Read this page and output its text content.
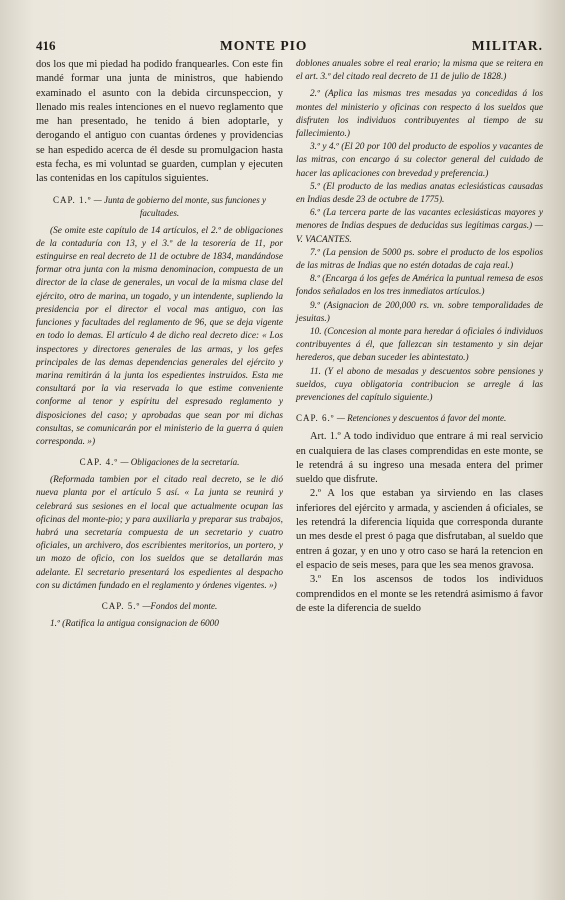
416	MONTE PIO	MILITAR.

dos los que mi piedad ha podido franquearles. Con este fin mandé formar una junta de ministros, que habiendo examinado el asunto con la debida circunspeccion, y llenado mis reales intenciones en el nuevo reglamento que me han presentado, he tenido á bien adoptarle, y derogando el antiguo con cuantas órdenes y providencias se han espedido acerca de él desde su promulgacion hasta esta fecha, es mi voluntad se guarden, cumplan y ejecuten las contenidas en los capítulos siguientes.

CAP. 1.º — Junta de gobierno del monte, sus funciones y facultades.

(Se omite este capítulo de 14 artículos, el 2.º de obligaciones de la contaduría con 13, y el 3.º de la tesorería de 11, por estinguirse en real decreto de 11 de octubre de 1834, mandándose formar otra junta con la misma denominacion, compuesta de un director de la clase de generales, un vocal de la misma clase del ejército, otro de marina, un togado, y un intendente, supliendo la presidencia por el director el vocal mas antiguo, con las funciones y facultades del reglamento de 96, que se deja vigente en todo lo demas. El artículo 4 de dicho real decreto dice: « Los inspectores y directores generales de las armas, y los gefes principales de las demas dependencias generales del ejército y marina remitirán á la junta los espedientes instruidos. Esta me consultará por la via reservada lo que estime conveniente conforme al tenor y espíritu del espresado reglamento y disposiciones del caso; y aprobadas que sean por mi dichas consultas, se comunicarán por el ministerio de la guerra á quien corresponda. »)

CAP. 4.º — Obligaciones de la secretaría.

(Reformada tambien por el citado real decreto, se le dió nueva planta por el artículo 5 así. « La junta se reunirá y celebrará sus sesiones en el local que actualmente ocupan las oficinas del monte-pio; y para auxiliarla y preparar sus trabajos, habrá una secretaría compuesta de un secretario y cuatro oficiales, un archivero, dos escribientes meritorios, un portero, y un mozo de oficio, con los sueldos que se detallarán mas adelante. El secretario presentará los espedientes al despacho con su dictámen fundado en el reglamento y órdenes vigentes. »)

CAP. 5.º —Fondos del monte.

1.º (Ratifica la antigua consignacion de 6000

doblones anuales sobre el real erario; la misma que se reitera en el art. 3.º del citado real decreto de 11 de julio de 1828.)

2.º (Aplica las mismas tres mesadas ya concedidas á los montes del ministerio y oficinas con respecto á los sueldos que disfruten los individuos contribuyentes al tiempo de su fallecimiento.)

3.º y 4.º (El 20 por 100 del producto de espolios y vacantes de las mitras, con encargo á su colector general del cuidado de hacer las aplicaciones con brevedad y preferencia.)

5.º (El producto de las medias anatas eclesiásticas causadas en Indias desde 23 de octubre de 1775).

6.º (La tercera parte de las vacantes eclesiásticas mayores y menores de Indias despues de deducidas sus legítimas cargas.) — V. VACANTES.

7.º (La pension de 5000 ps. sobre el producto de los espolios de las mitras de Indias que no estén dotadas de caja real.)

8.º (Encarga á los gefes de América la puntual remesa de esos fondos señalados en los tres inmediatos artículos.)

9.º (Asignacion de 200,000 rs. vn. sobre temporalidades de jesuitas.)

10. (Concesion al monte para heredar á oficiales ó individuos contribuyentes á él, que fallezcan sin testamento y sin dejar herederos, que deban suceder les abintestato.)

11. (Y el abono de mesadas y descuentos sobre pensiones y sueldos, cuya obligatoria contribucion se arregle á las prevenciones del capítulo siguiente.)

CAP. 6.º — Retenciones y descuentos á favor del monte.

Art. 1.º A todo individuo que entrare á mi real servicio en cualquiera de las clases comprendidas en este monte, se le retendrá á su ingreso una mesada entera del primer sueldo que disfrute.

2.º A los que estaban ya sirviendo en las clases inferiores del ejército y armada, y ascienden á oficiales, se les retendrá la diferencia líquida que corresponda durante un mes desde el prest ó paga que disfrutaban, al sueldo que entren á gozar, y en uno y otro caso se hará la retencion en el espacio de seis meses, para que les sea menos gravosa.

3.º En los ascensos de todos los individuos comprendidos en el monte se les retendrá asimismo á favor de este la diferencia de sueldo
